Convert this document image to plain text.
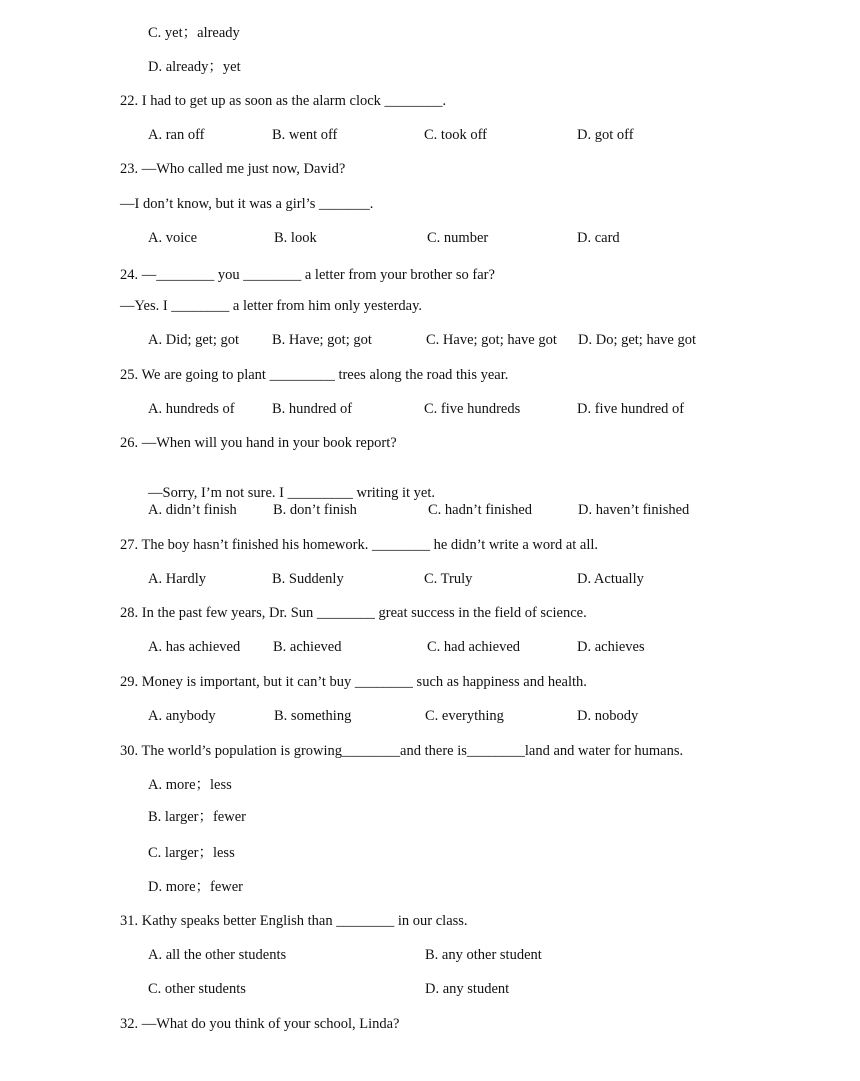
C. yet；already
D. already；yet
22. I had to get up as soon as the alarm clock ________.
A. ran off	B. went off	C. took off	D. got off
23. —Who called me just now, David?
—I don’t know, but it was a girl’s _______.
A. voice	B. look	C. number	D. card
24. —________ you ________ a letter from your brother so far?
—Yes. I ________ a letter from him only yesterday.
A. Did; get; got B. Have; got; got	C. Have; got; have got D. Do; get; have got
25. We are going to plant _________ trees along the road this year.
A. hundreds of	B. hundred of	C. five hundreds	D. five hundred of
26. —When will you hand in your book report?
—Sorry, I’m not sure. I _________ writing it yet.
A. didn’t finish	B. don’t finish	C. hadn’t finished	D. haven’t finished
27. The boy hasn’t finished his homework. ________ he didn’t write a word at all.
A. Hardly	B. Suddenly	C. Truly	D. Actually
28. In the past few years, Dr. Sun ________ great success in the field of science.
A. has achieved B. achieved	C. had achieved	D. achieves
29. Money is important, but it can’t buy ________ such as happiness and health.
A. anybody	B. something	C. everything	D. nobody
30. The world’s population is growing________and there is________land and water for humans.
A. more；less
B. larger；fewer
C. larger；less
D. more；fewer
31. Kathy speaks better English than ________ in our class.
A. all the other students	B. any other student
C. other students	D. any student
32. —What do you think of your school, Linda?
